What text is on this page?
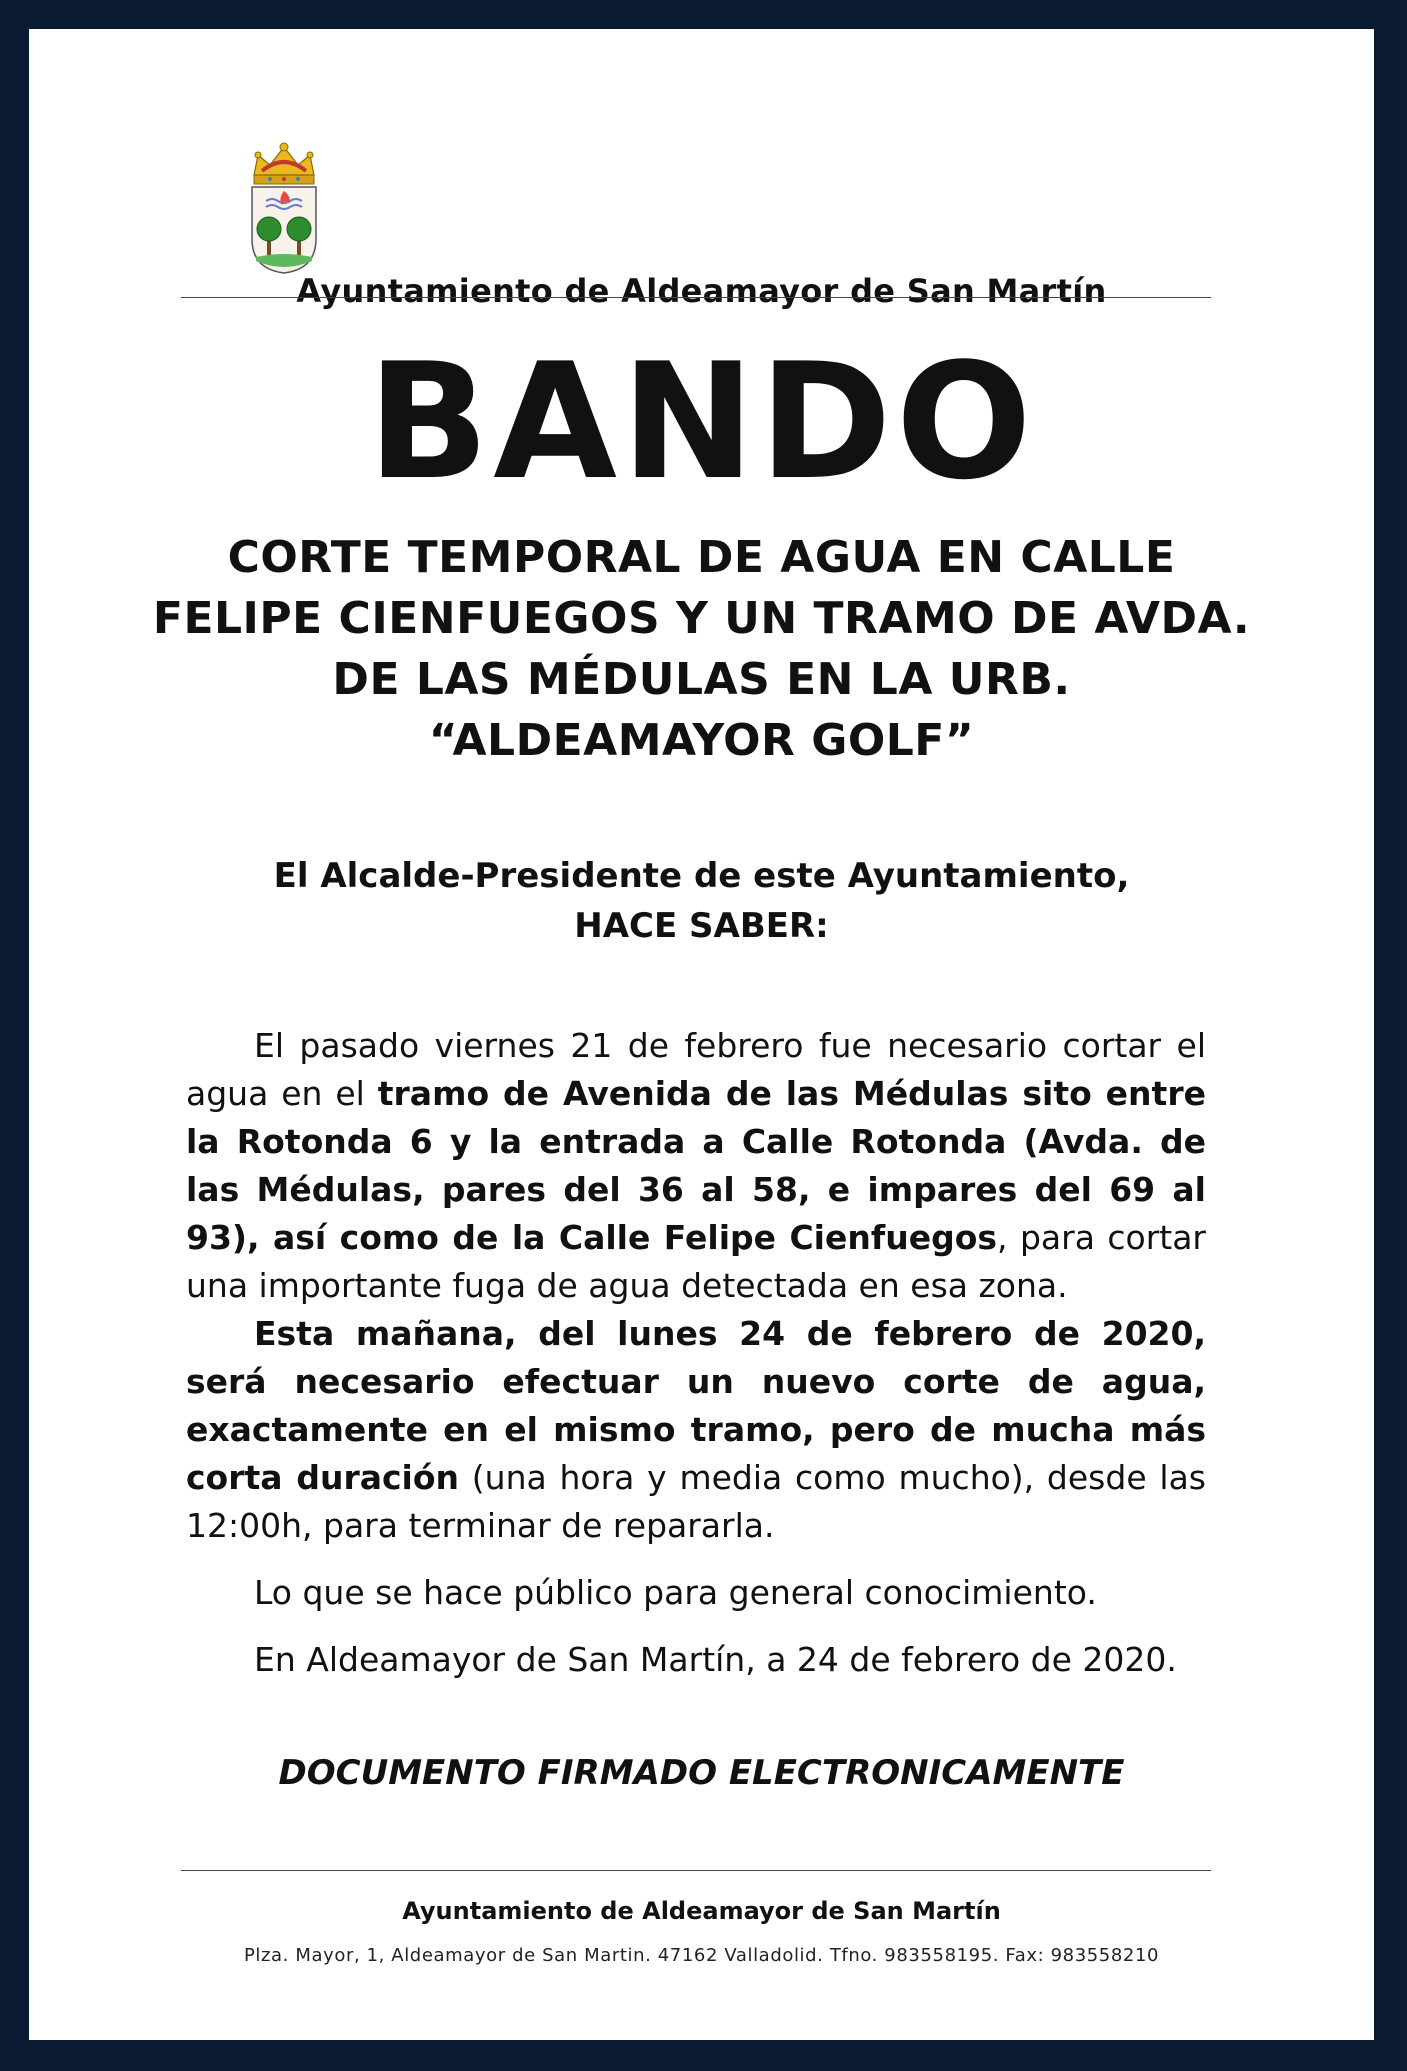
Ayuntamiento de Aldeamayor de San Martín
BANDO
CORTE TEMPORAL DE AGUA EN CALLE FELIPE CIENFUEGOS Y UN TRAMO DE AVDA. DE LAS MÉDULAS EN LA URB. “ALDEAMAYOR GOLF”
El Alcalde-Presidente de este Ayuntamiento,
HACE SABER:

El pasado viernes 21 de febrero fue necesario cortar el agua en el tramo de Avenida de las Médulas sito entre la Rotonda 6 y la entrada a Calle Rotonda (Avda. de las Médulas, pares del 36 al 58, e impares del 69 al 93), así como de la Calle Felipe Cienfuegos, para cortar una importante fuga de agua detectada en esa zona.

Esta mañana, del lunes 24 de febrero de 2020, será necesario efectuar un nuevo corte de agua, exactamente en el mismo tramo, pero de mucha más corta duración (una hora y media como mucho), desde las 12:00h, para terminar de repararla.

Lo que se hace público para general conocimiento.

En Aldeamayor de San Martín, a 24 de febrero de 2020.

DOCUMENTO FIRMADO ELECTRONICAMENTE
Ayuntamiento de Aldeamayor de San Martín
Plza. Mayor, 1, Aldeamayor de San Martin. 47162 Valladolid. Tfno. 983558195. Fax: 983558210
